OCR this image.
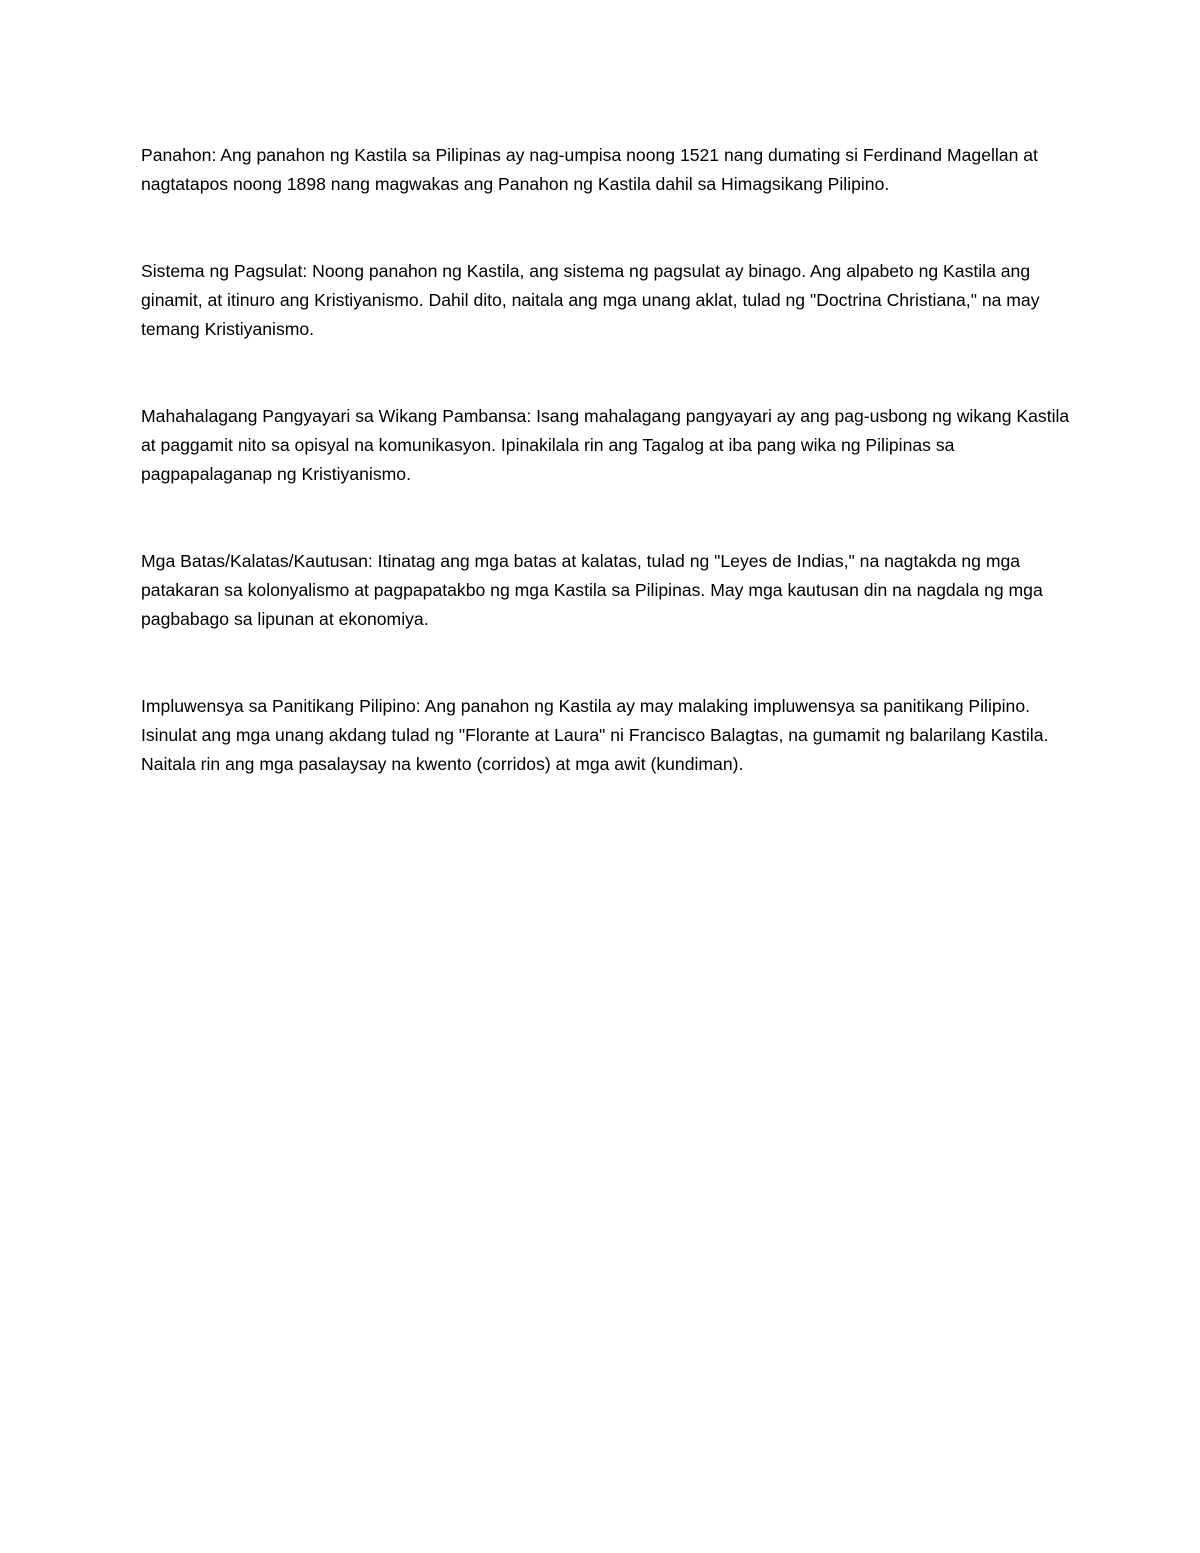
Panahon: Ang panahon ng Kastila sa Pilipinas ay nag-umpisa noong 1521 nang dumating si Ferdinand Magellan at nagtatapos noong 1898 nang magwakas ang Panahon ng Kastila dahil sa Himagsikang Pilipino.

Sistema ng Pagsulat: Noong panahon ng Kastila, ang sistema ng pagsulat ay binago. Ang alpabeto ng Kastila ang ginamit, at itinuro ang Kristiyanismo. Dahil dito, naitala ang mga unang aklat, tulad ng "Doctrina Christiana," na may temang Kristiyanismo.

Mahahalagang Pangyayari sa Wikang Pambansa: Isang mahalagang pangyayari ay ang pag-usbong ng wikang Kastila at paggamit nito sa opisyal na komunikasyon. Ipinakilala rin ang Tagalog at iba pang wika ng Pilipinas sa pagpapalaganap ng Kristiyanismo.

Mga Batas/Kalatas/Kautusan: Itinatag ang mga batas at kalatas, tulad ng "Leyes de Indias," na nagtakda ng mga patakaran sa kolonyalismo at pagpapatakbo ng mga Kastila sa Pilipinas. May mga kautusan din na nagdala ng mga pagbabago sa lipunan at ekonomiya.

Impluwensya sa Panitikang Pilipino: Ang panahon ng Kastila ay may malaking impluwensya sa panitikang Pilipino. Isinulat ang mga unang akdang tulad ng "Florante at Laura" ni Francisco Balagtas, na gumamit ng balarilang Kastila. Naitala rin ang mga pasalaysay na kwento (corridos) at mga awit (kundiman).
